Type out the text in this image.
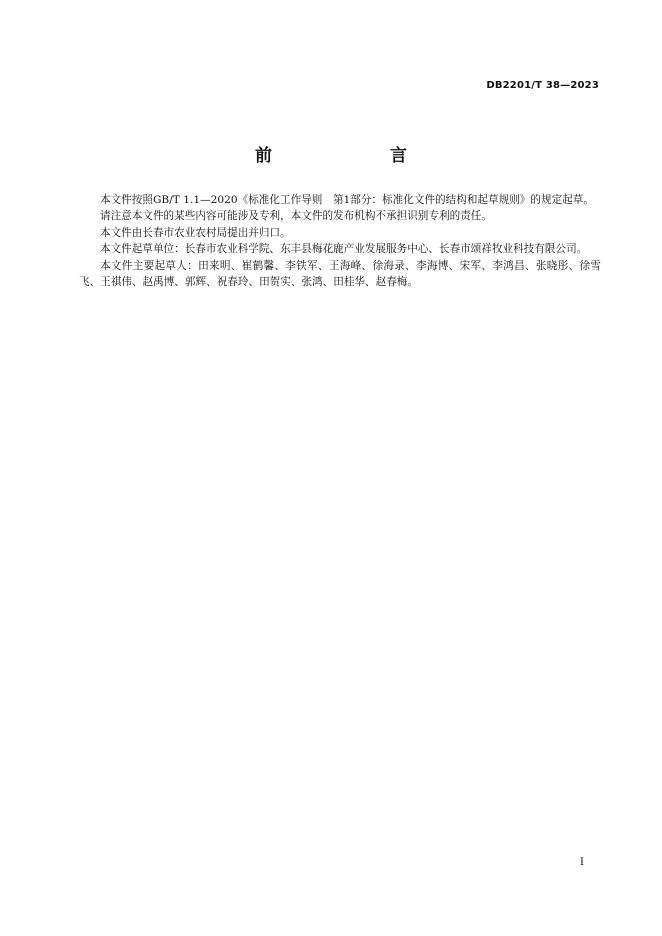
DB2201/T 38—2023
前　　言

本文件按照GB/T 1.1—2020《标准化工作导则　第1部分：标准化文件的结构和起草规则》的规定起草。

请注意本文件的某些内容可能涉及专利，本文件的发布机构不承担识别专利的责任。

本文件由长春市农业农村局提出并归口。

本文件起草单位：长春市农业科学院、东丰县梅花鹿产业发展服务中心、长春市颂祥牧业科技有限公司。

本文件主要起草人：田来明、崔鹤馨、李铁军、王海峰、徐海录、李海博、宋军、李鸿昌、张晓彤、徐雪飞、王祺伟、赵禹博、郭辉、祝春玲、田贺实、张鸿、田桂华、赵春梅。

I
